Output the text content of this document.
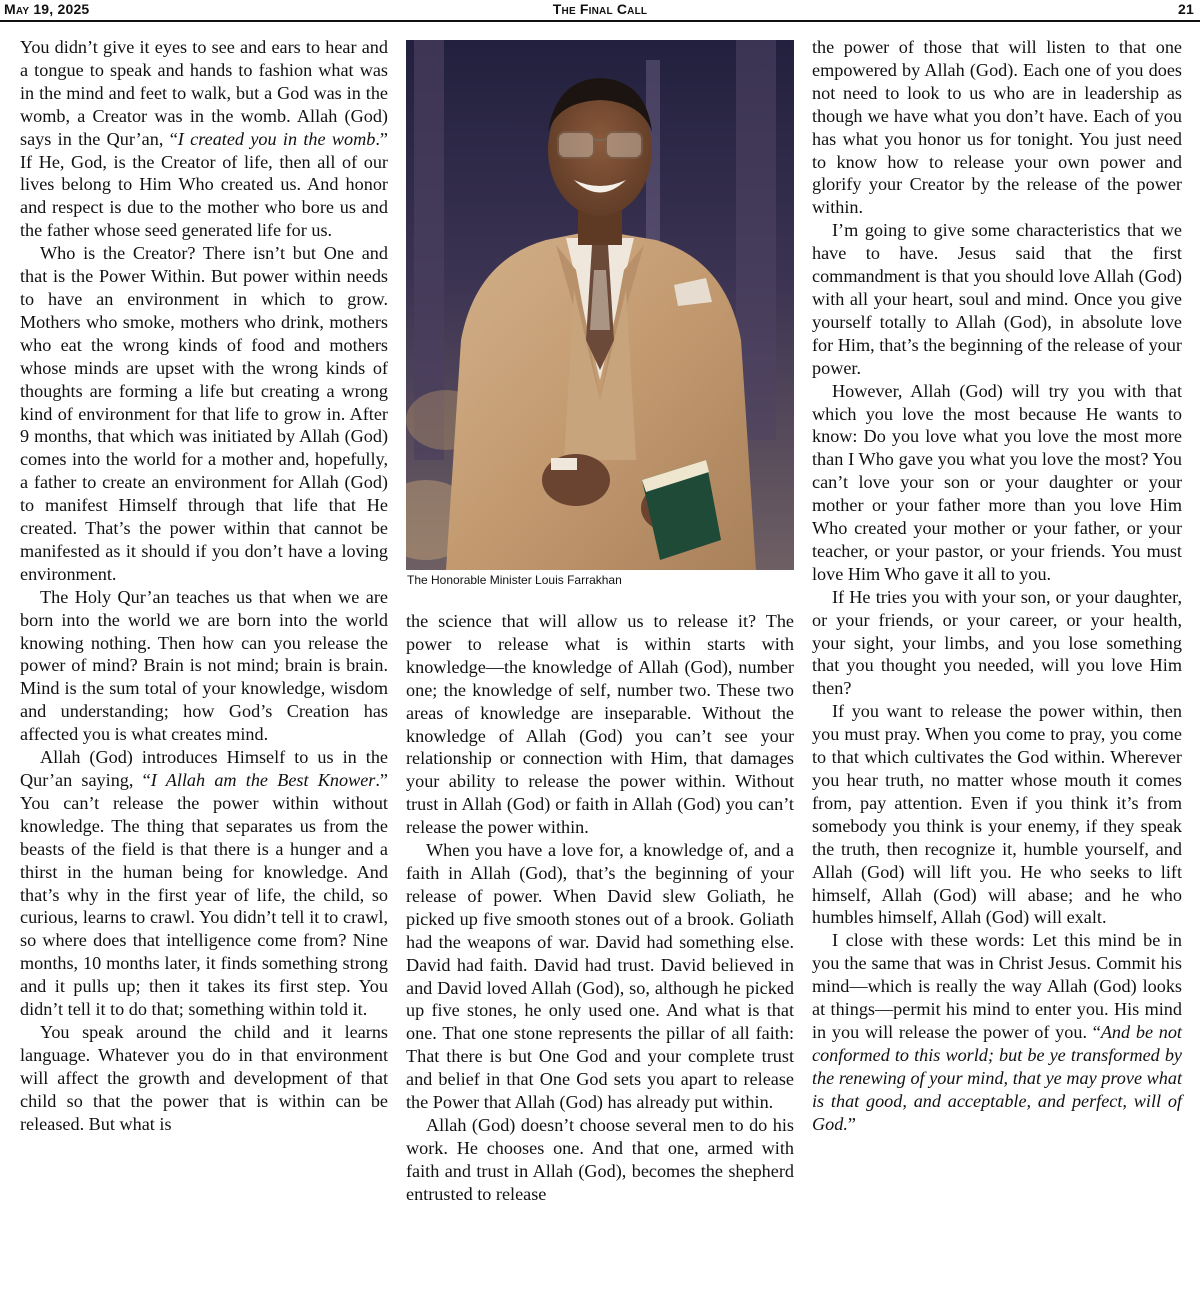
May 19, 2025	The Final Call	21

You didn’t give it eyes to see and ears to hear and a tongue to speak and hands to fashion what was in the mind and feet to walk, but a God was in the womb, a Creator was in the womb. Allah (God) says in the Qur’an, “I created you in the womb.” If He, God, is the Creator of life, then all of our lives belong to Him Who created us. And honor and respect is due to the mother who bore us and the father whose seed generated life for us.

Who is the Creator? There isn’t but One and that is the Power Within. But power within needs to have an environment in which to grow. Mothers who smoke, mothers who drink, mothers who eat the wrong kinds of food and mothers whose minds are upset with the wrong kinds of thoughts are forming a life but creating a wrong kind of environment for that life to grow in. After 9 months, that which was initiated by Allah (God) comes into the world for a mother and, hopefully, a father to create an environment for Allah (God) to manifest Himself through that life that He created. That’s the power within that cannot be manifested as it should if you don’t have a loving environment.

The Holy Qur’an teaches us that when we are born into the world we are born into the world knowing nothing. Then how can you release the power of mind? Brain is not mind; brain is brain. Mind is the sum total of your knowledge, wisdom and understanding; how God’s Creation has affected you is what creates mind.

Allah (God) introduces Himself to us in the Qur’an saying, “I Allah am the Best Knower.” You can’t release the power within without knowledge. The thing that separates us from the beasts of the field is that there is a hunger and a thirst in the human being for knowledge. And that’s why in the first year of life, the child, so curious, learns to crawl. You didn’t tell it to crawl, so where does that intelligence come from? Nine months, 10 months later, it finds something strong and it pulls up; then it takes its first step. You didn’t tell it to do that; something within told it.

You speak around the child and it learns language. Whatever you do in that environment will affect the growth and development of that child so that the power that is within can be released. But what is

The Honorable Minister Louis Farrakhan

the science that will allow us to release it? The power to release what is within starts with knowledge—the knowledge of Allah (God), number one; the knowledge of self, number two. These two areas of knowledge are inseparable. Without the knowledge of Allah (God) you can’t see your relationship or connection with Him, that damages your ability to release the power within. Without trust in Allah (God) or faith in Allah (God) you can’t release the power within.

When you have a love for, a knowledge of, and a faith in Allah (God), that’s the beginning of your release of power. When David slew Goliath, he picked up five smooth stones out of a brook. Goliath had the weapons of war. David had something else. David had faith. David had trust. David believed in and David loved Allah (God), so, although he picked up five stones, he only used one. And what is that one. That one stone represents the pillar of all faith: That there is but One God and your complete trust and belief in that One God sets you apart to release the Power that Allah (God) has already put within.

Allah (God) doesn’t choose several men to do his work. He chooses one. And that one, armed with faith and trust in Allah (God), becomes the shepherd entrusted to release

the power of those that will listen to that one empowered by Allah (God). Each one of you does not need to look to us who are in leadership as though we have what you don’t have. Each of you has what you honor us for tonight. You just need to know how to release your own power and glorify your Creator by the release of the power within.

I’m going to give some characteristics that we have to have. Jesus said that the first commandment is that you should love Allah (God) with all your heart, soul and mind. Once you give yourself totally to Allah (God), in absolute love for Him, that’s the beginning of the release of your power.

However, Allah (God) will try you with that which you love the most because He wants to know: Do you love what you love the most more than I Who gave you what you love the most? You can’t love your son or your daughter or your mother or your father more than you love Him Who created your mother or your father, or your teacher, or your pastor, or your friends. You must love Him Who gave it all to you.

If He tries you with your son, or your daughter, or your friends, or your career, or your health, your sight, your limbs, and you lose something that you thought you needed, will you love Him then?

If you want to release the power within, then you must pray. When you come to pray, you come to that which cultivates the God within. Wherever you hear truth, no matter whose mouth it comes from, pay attention. Even if you think it’s from somebody you think is your enemy, if they speak the truth, then recognize it, humble yourself, and Allah (God) will lift you. He who seeks to lift himself, Allah (God) will abase; and he who humbles himself, Allah (God) will exalt.

I close with these words: Let this mind be in you the same that was in Christ Jesus. Commit his mind—which is really the way Allah (God) looks at things—permit his mind to enter you. His mind in you will release the power of you. “And be not conformed to this world; but be ye transformed by the renewing of your mind, that ye may prove what is that good, and acceptable, and perfect, will of God.”
